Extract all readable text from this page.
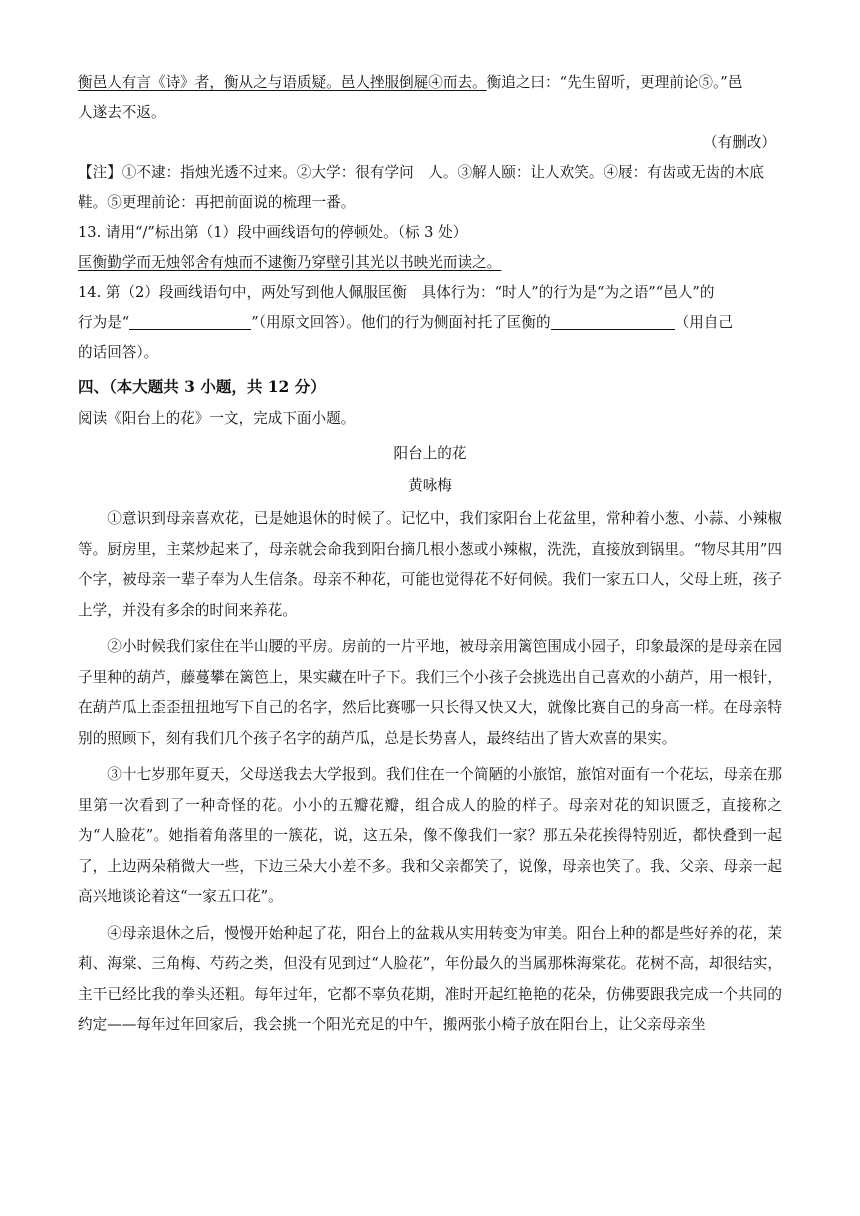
衡邑人有言《诗》者，衡从之与语质疑。邑人挫服倒屣④而去。衡追之曰：“先生留听，更理前论⑤。”邑
人遂去不返。
（有删改）
【注】①不逮：指烛光透不过来。②大学：很有学问　人。③解人颐：让人欢笑。④屐：有齿或无齿的木底
鞋。⑤更理前论：再把前面说的梳理一番。
13. 请用“/”标出第（1）段中画线语句的停顿处。（标 3 处）
匡衡勤学而无烛邻舍有烛而不逮衡乃穿壁引其光以书映光而读之。
14. 第（2）段画线语句中，两处写到他人佩服匡衡　具体行为：“时人”的行为是“为之语”“邑人”的
行为是“	”（用原文回答）。他们的行为侧面衬托了匡衡的	（用自己
的话回答）。
四、（本大题共 3 小题，共 12 分）
阅读《阳台上的花》一文，完成下面小题。
阳台上的花
黄咏梅

①意识到母亲喜欢花，已是她退休的时候了。记忆中，我们家阳台上花盆里，常种着小葱、小蒜、小辣椒等。厨房里，主菜炒起来了，母亲就会命我到阳台摘几根小葱或小辣椒，洗洗，直接放到锅里。“物尽其用”四个字，被母亲一辈子奉为人生信条。母亲不种花，可能也觉得花不好伺候。我们一家五口人，父母上班，孩子上学，并没有多余的时间来养花。

②小时候我们家住在半山腰的平房。房前的一片平地，被母亲用篱笆围成小园子，印象最深的是母亲在园子里种的葫芦，藤蔓攀在篱笆上，果实藏在叶子下。我们三个小孩子会挑选出自己喜欢的小葫芦，用一根针，在葫芦瓜上歪歪扭扭地写下自己的名字，然后比赛哪一只长得又快又大，就像比赛自己的身高一样。在母亲特别的照顾下，刻有我们几个孩子名字的葫芦瓜，总是长势喜人，最终结出了皆大欢喜的果实。

③十七岁那年夏天，父母送我去大学报到。我们住在一个简陋的小旅馆，旅馆对面有一个花坛，母亲在那里第一次看到了一种奇怪的花。小小的五瓣花瓣，组合成人的脸的样子。母亲对花的知识匮乏，直接称之为“人脸花”。她指着角落里的一簇花，说，这五朵，像不像我们一家？那五朵花挨得特别近，都快叠到一起了，上边两朵稍微大一些，下边三朵大小差不多。我和父亲都笑了，说像，母亲也笑了。我、父亲、母亲一起高兴地谈论着这“一家五口花”。

④母亲退休之后，慢慢开始种起了花，阳台上的盆栽从实用转变为审美。阳台上种的都是些好养的花，茉莉、海棠、三角梅、芍药之类，但没有见到过“人脸花”，年份最久的当属那株海棠花。花树不高，却很结实，主干已经比我的拳头还粗。每年过年，它都不辜负花期，准时开起红艳艳的花朵，仿佛要跟我完成一个共同的约定——每年过年回家后，我会挑一个阳光充足的中午，搬两张小椅子放在阳台上，让父亲母亲坐
